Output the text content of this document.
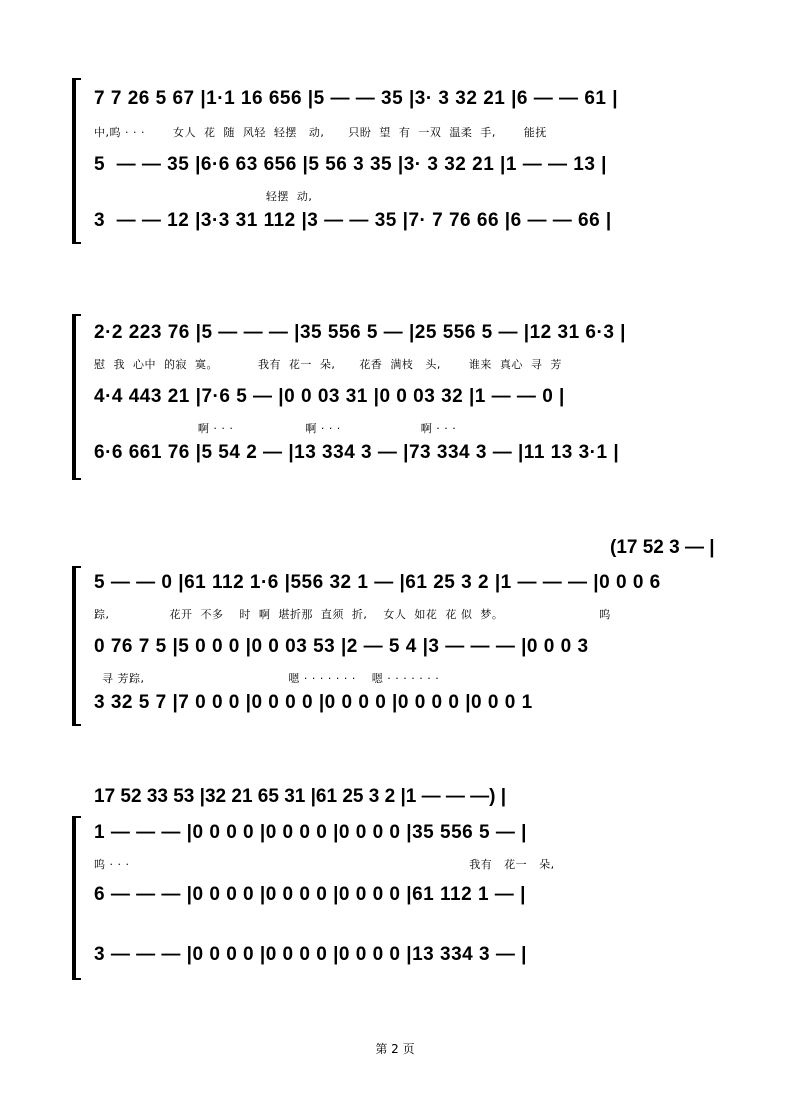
7 7 26 5 67 |1·1 16 656 |5 — — 35 |3· 3 32 21 |6 — — 61 |
中,呜 · · ·       女人  花  随  风轻  轻摆   动,      只盼  望  有  一双  温柔  手,       能抚
5  — — 35 |6·6 63 656 |5 56 3 35 |3· 3 32 21 |1 — — 13 |
轻摆  动,
3  — — 12 |3·3 31 112 |3 — — 35 |7· 7 76 66 |6 — — 66 |
2·2 223 76 |5 — — — |35 556 5 — |25 556 5 — |12 31 6·3 |
慰  我  心中  的寂  寞。          我有  花一  朵,      花香  满枝   头,       谁来  真心  寻  芳
4·4 443 21 |7·6 5 — |0 0 03 31 |0 0 03 32 |1 — — 0 |
啊 · · ·                  啊 · · ·                    啊 · · ·
6·6 661 76 |5 54 2 — |13 334 3 — |73 334 3 — |11 13 3·1 |
(17 52 3 — |
5 — — 0 |61 112 1·6 |556 32 1 — |61 25 3 2 |1 — — — |0 0 0 6
踪,               花开  不多    时  啊  堪折那  直须  折,    女人  如花  花 似  梦。                        呜
0 76 7 5 |5 0 0 0 |0 0 03 53 |2 — 5 4 |3 — — — |0 0 0 3
寻 芳踪,                                    嗯 · · · · · · ·    嗯 · · · · · · ·
3 32 5 7 |7 0 0 0 |0 0 0 0 |0 0 0 0 |0 0 0 0 |0 0 0 1
17 52 33 53 |32 21 65 31 |61 25 3 2 |1 — — —) |
1 — — — |0 0 0 0 |0 0 0 0 |0 0 0 0 |35 556 5 — |
呜 · · ·                                                                                     我有   花一   朵,
6 — — — |0 0 0 0 |0 0 0 0 |0 0 0 0 |61 112 1 — |
3 — — — |0 0 0 0 |0 0 0 0 |0 0 0 0 |13 334 3 — |
第 2 页
